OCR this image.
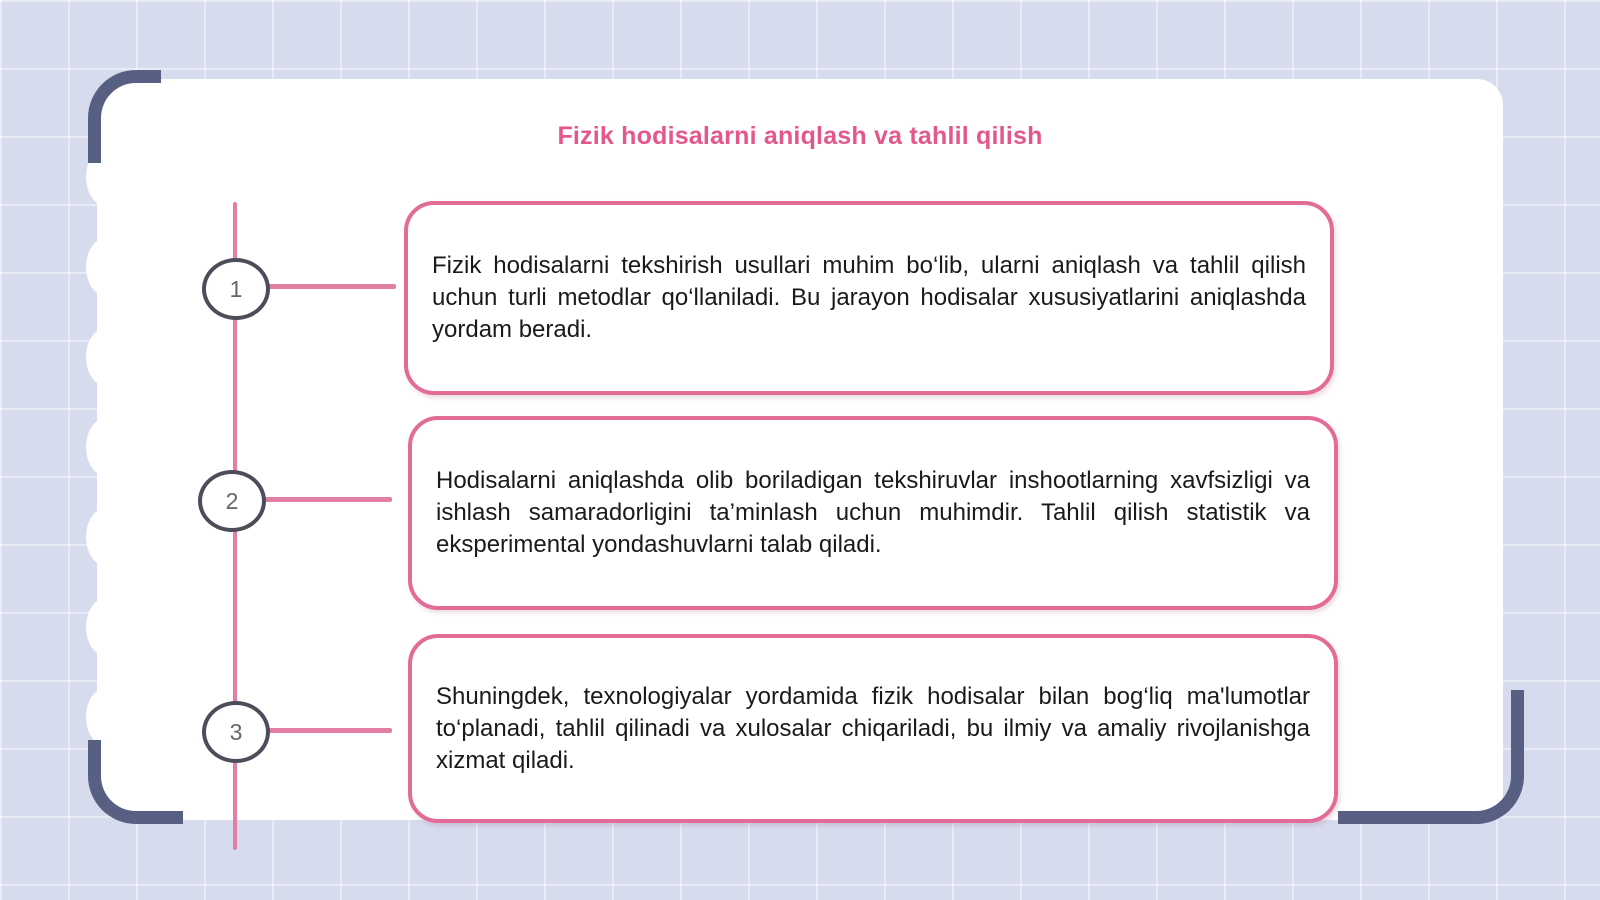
Fizik hodisalarni aniqlash va tahlil qilish
1

Fizik hodisalarni tekshirish usullari muhim bo‘lib, ularni aniqlash va tahlil qilish uchun turli metodlar qo‘llaniladi. Bu jarayon hodisalar xususiyatlarini aniqlashda yordam beradi.

2

Hodisalarni aniqlashda olib boriladigan tekshiruvlar inshootlarning xavfsizligi va ishlash samaradorligini ta’minlash uchun muhimdir. Tahlil qilish statistik va eksperimental yondashuvlarni talab qiladi.

3

Shuningdek, texnologiyalar yordamida fizik hodisalar bilan bog‘liq ma'lumotlar to‘planadi, tahlil qilinadi va xulosalar chiqariladi, bu ilmiy va amaliy rivojlanishga xizmat qiladi.
